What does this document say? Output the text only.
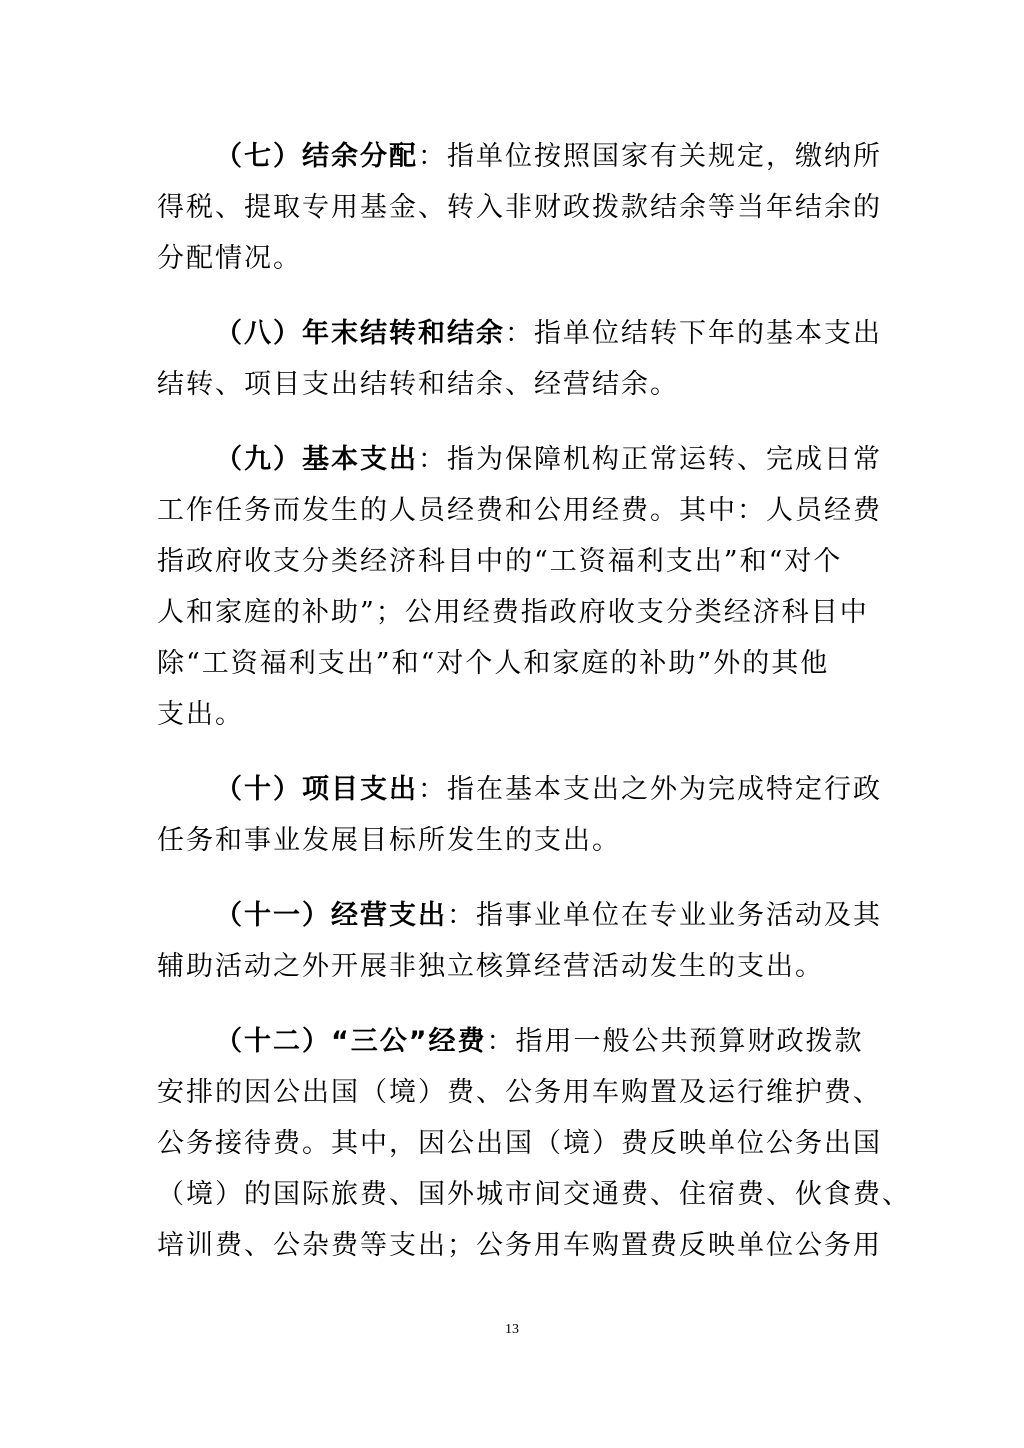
（七）结余分配：指单位按照国家有关规定，缴纳所
得税、提取专用基金、转入非财政拨款结余等当年结余的
分配情况。
（八）年末结转和结余：指单位结转下年的基本支出
结转、项目支出结转和结余、经营结余。
（九）基本支出：指为保障机构正常运转、完成日常
工作任务而发生的人员经费和公用经费。其中：人员经费
指政府收支分类经济科目中的“工资福利支出”和“对个
人和家庭的补助”；公用经费指政府收支分类经济科目中
除“工资福利支出”和“对个人和家庭的补助”外的其他
支出。
（十）项目支出：指在基本支出之外为完成特定行政
任务和事业发展目标所发生的支出。
（十一）经营支出：指事业单位在专业业务活动及其
辅助活动之外开展非独立核算经营活动发生的支出。
（十二）“三公”经费：指用一般公共预算财政拨款
安排的因公出国（境）费、公务用车购置及运行维护费、
公务接待费。其中，因公出国（境）费反映单位公务出国
（境）的国际旅费、国外城市间交通费、住宿费、伙食费、
培训费、公杂费等支出；公务用车购置费反映单位公务用
13
